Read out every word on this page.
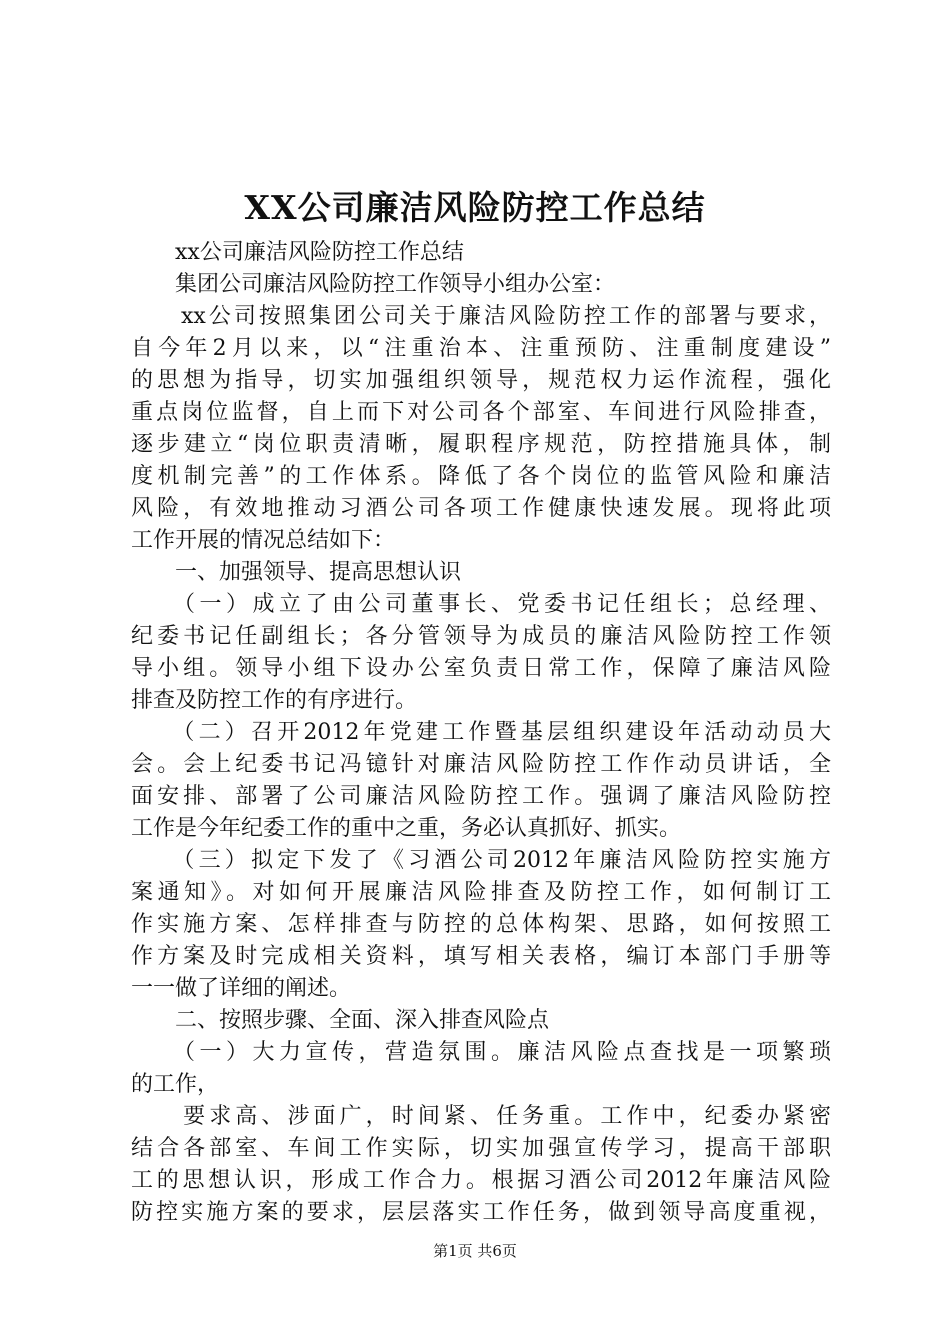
XX公司廉洁风险防控工作总结
　　xx公司廉洁风险防控工作总结
　　集团公司廉洁风险防控工作领导小组办公室：
　　xx公司按照集团公司关于廉洁风险防控工作的部署与要求，
自今年2月以来，以“注重治本、注重预防、注重制度建设”
的思想为指导，切实加强组织领导，规范权力运作流程，强化
重点岗位监督，自上而下对公司各个部室、车间进行风险排查，
逐步建立“岗位职责清晰，履职程序规范，防控措施具体，制
度机制完善”的工作体系。降低了各个岗位的监管风险和廉洁
风险，有效地推动习酒公司各项工作健康快速发展。现将此项
工作开展的情况总结如下：
　　一、加强领导、提高思想认识
　　（一）成立了由公司董事长、党委书记任组长；总经理、
纪委书记任副组长；各分管领导为成员的廉洁风险防控工作领
导小组。领导小组下设办公室负责日常工作，保障了廉洁风险
排查及防控工作的有序进行。
　　（二）召开2012年党建工作暨基层组织建设年活动动员大
会。会上纪委书记冯镱针对廉洁风险防控工作作动员讲话，全
面安排、部署了公司廉洁风险防控工作。强调了廉洁风险防控
工作是今年纪委工作的重中之重，务必认真抓好、抓实。
　　（三）拟定下发了《习酒公司2012年廉洁风险防控实施方
案通知》。对如何开展廉洁风险排查及防控工作，如何制订工
作实施方案、怎样排查与防控的总体构架、思路，如何按照工
作方案及时完成相关资料，填写相关表格，编订本部门手册等
一一做了详细的阐述。
　　二、按照步骤、全面、深入排查风险点
　　（一）大力宣传，营造氛围。廉洁风险点查找是一项繁琐
的工作，
　　要求高、涉面广，时间紧、任务重。工作中，纪委办紧密
结合各部室、车间工作实际，切实加强宣传学习，提高干部职
工的思想认识，形成工作合力。根据习酒公司2012年廉洁风险
防控实施方案的要求，层层落实工作任务，做到领导高度重视，
第1页 共6页
